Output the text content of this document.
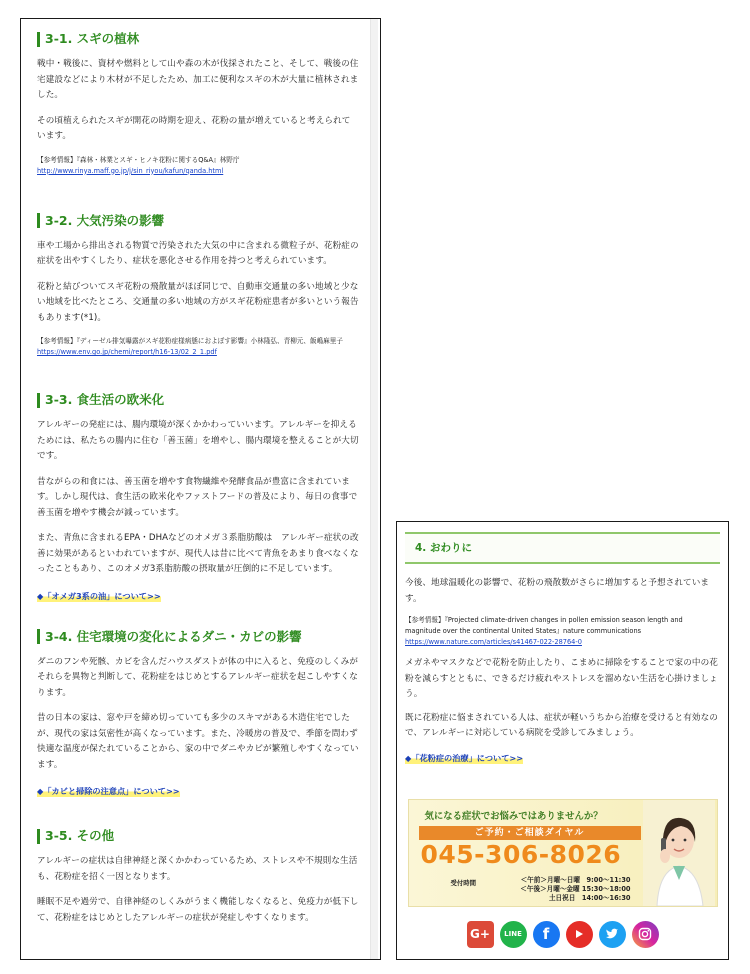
3-1. スギの植林

戦中・戦後に、資材や燃料として山や森の木が伐採されたこと、そして、戦後の住宅建設などにより木材が不足したため、加工に便利なスギの木が大量に植林されました。

その頃植えられたスギが開花の時期を迎え、花粉の量が増えていると考えられています。

【参考情報】『森林・林業とスギ・ヒノキ花粉に関するQ&A』林野庁
http://www.rinya.maff.go.jp/j/sin_riyou/kafun/qanda.html
3-2. 大気汚染の影響

車や工場から排出される物質で汚染された大気の中に含まれる微粒子が、花粉症の症状を出やすくしたり、症状を悪化させる作用を持つと考えられています。

花粉と結びついてスギ花粉の飛散量がほぼ同じで、自動車交通量の多い地域と少ない地域を比べたところ、交通量の多い地域の方がスギ花粉症患者が多いという報告もあります(*1)。

【参考情報】『ディーゼル排気曝露がスギ花粉症様病態におよぼす影響』小林隆弘、青柳元、飯嶋麻里子
https://www.env.go.jp/chemi/report/h16-13/02_2_1.pdf
3-3. 食生活の欧米化

アレルギーの発症には、腸内環境が深くかかわっていいます。アレルギーを抑えるためには、私たちの腸内に住む「善玉菌」を増やし、腸内環境を整えることが大切です。

昔ながらの和食には、善玉菌を増やす食物繊維や発酵食品が豊富に含まれています。しかし現代は、食生活の欧米化やファストフードの普及により、毎日の食事で善玉菌を増やす機会が減っています。

また、青魚に含まれるEPA・DHAなどのオメガ３系脂肪酸は　アレルギー症状の改善に効果があるといわれていますが、現代人は昔に比べて青魚をあまり食べなくなったこともあり、このオメガ3系脂肪酸の摂取量が圧倒的に不足しています。

◆「オメガ3系の油」について>>
3-4. 住宅環境の変化によるダニ・カビの影響

ダニのフンや死骸、カビを含んだハウスダストが体の中に入ると、免疫のしくみがそれらを異物と判断して、花粉症をはじめとするアレルギー症状を起こしやすくなります。

昔の日本の家は、窓や戸を締め切っていても多少のスキマがある木造住宅でしたが、現代の家は気密性が高くなっています。また、冷暖房の普及で、季節を問わず快適な温度が保たれていることから、家の中でダニやカビが繁殖しやすくなっています。

◆「カビと掃除の注意点」について>>
3-5. その他

アレルギーの症状は自律神経と深くかかわっているため、ストレスや不規則な生活も、花粉症を招く一因となります。

睡眠不足や過労で、自律神経のしくみがうまく機能しなくなると、免疫力が低下して、花粉症をはじめとしたアレルギーの症状が発症しやすくなります。

4. おわりに

今後、地球温暖化の影響で、花粉の飛散数がさらに増加すると予想されています。

【参考情報】『Projected climate-driven changes in pollen emission season length and magnitude over the continental United States』nature communications
https://www.nature.com/articles/s41467-022-28764-0

メガネやマスクなどで花粉を防止したり、こまめに掃除をすることで家の中の花粉を減らすとともに、できるだけ疲れやストレスを溜めない生活を心掛けましょう。

既に花粉症に悩まされている人は、症状が軽いうちから治療を受けると有効なので、アレルギーに対応している病院を受診してみましょう。

◆「花粉症の治療」について>>
気になる症状でお悩みではありませんか？
ご予約・ご相談ダイヤル
045-306-8026
受付時間	＜午前＞月曜〜日曜　9:00〜11:30
＜午後＞月曜〜金曜 15:30〜18:00
土日祝日　14:00〜16:30
G+	LINE	f
